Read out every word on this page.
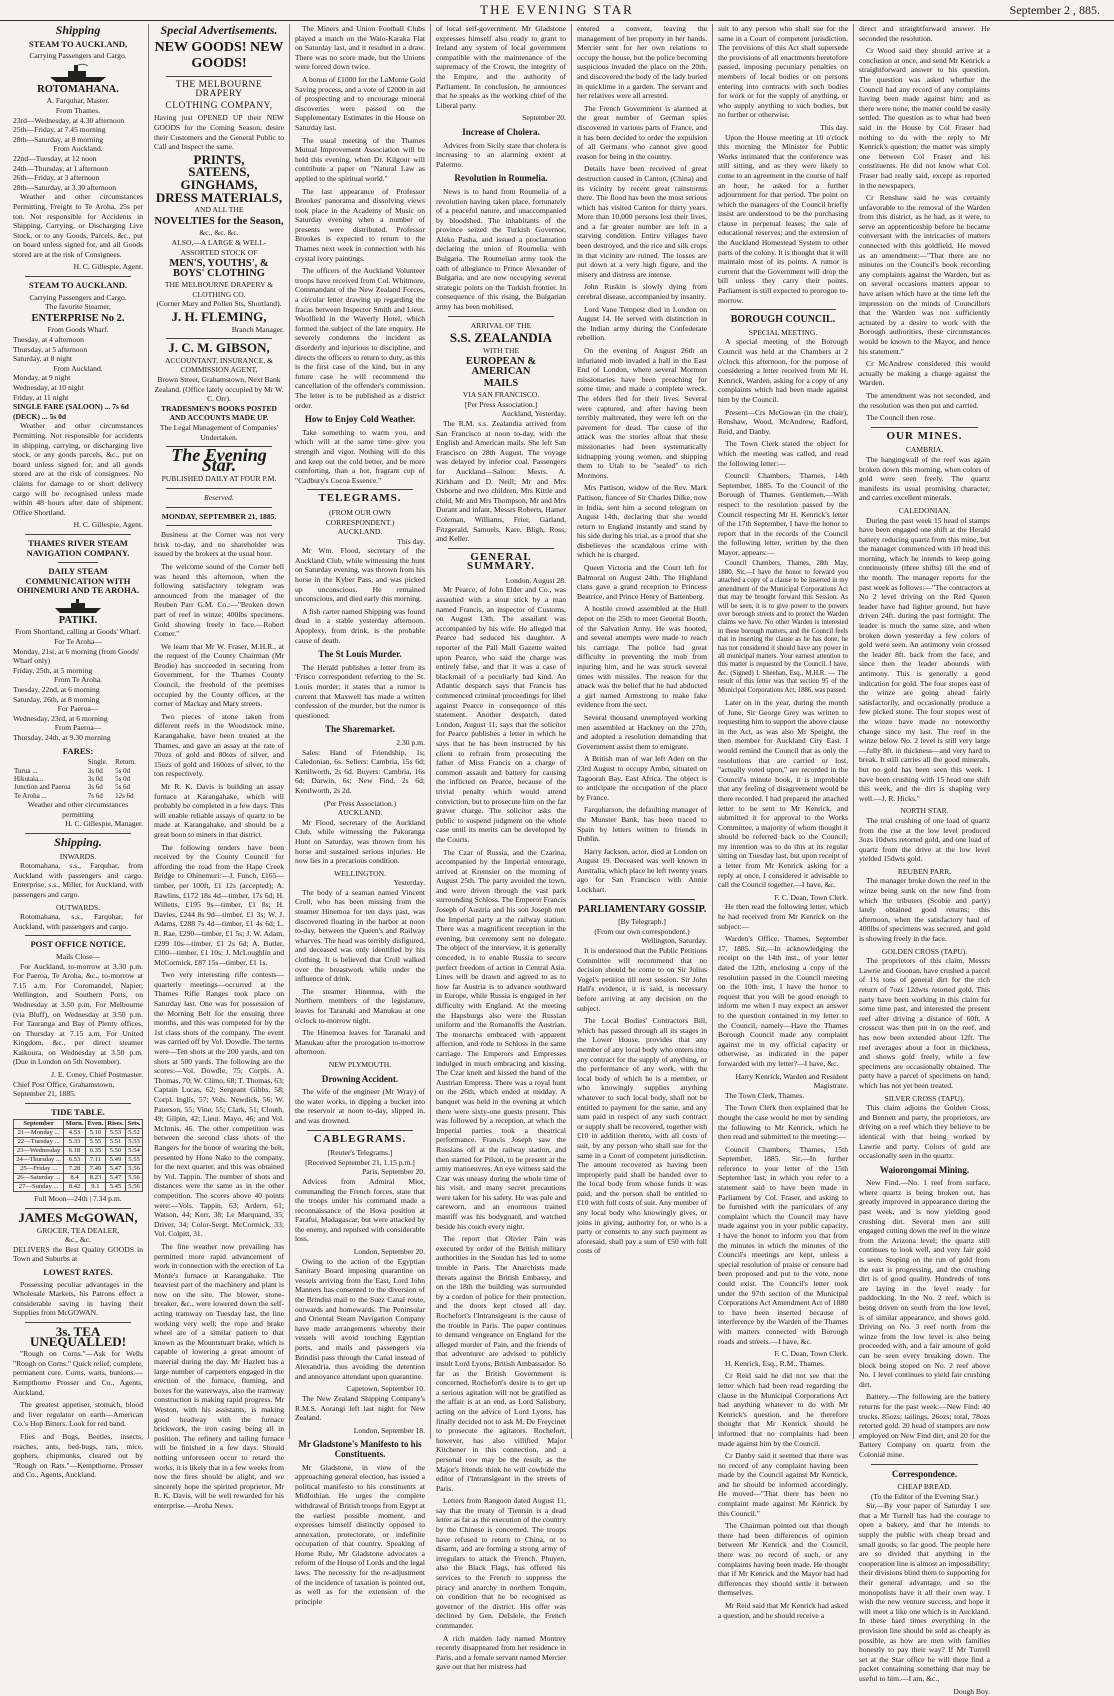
THE EVENING STAR	September 2 , 885.
Shipping
STEAM TO AUCKLAND,
Carrying Passengers and Cargo.
ROTOMAHANA.
A. Farquhar, Master.
From Thames.
23rd—Wednesday, at 4.30 afternoon
25th—Friday, at 7.45 morning
28th—Saturday, at 8 morning
From Auckland.
22nd—Tuesday, at 12 noon
24th—Thursday, at 1 afternoon
26th—Friday, at 3 afternoon
28th—Saturday, at 3.30 afternoon

Weather and other circumstances Permitting. Freight to Te Aroha, 25s per ton. Not responsible for Accidents in Shipping, Carrying, or Discharging Live Stock, or to any Goods, Parcels, &c., put on board unless signed for, and all Goods stored are at the risk of Consignees.

H. C. Gillespie, Agent.
STEAM TO AUCKLAND.
Carrying Passengers and Cargo.
The favorite Steamer,
ENTERPRISE No 2.
From Goods Wharf.
Tuesday, at 4 afternoon
Thursday, at 5 afternoon
Saturday, at 8 night
From Auckland.
Monday, at 9 night
Wednesday, at 10 night
Friday, at 11 night
SINGLE FARE (SALOON) ... 7s 6d
(DECK) ... 5s 0d

Weather and other circumstances Permitting. Not responsible for accidents in shipping, carrying, or discharging live stock, or any goods parcels, &c., put on board unless signed for, and all goods stored are at the risk of consignees. No claims for damage to or short delivery cargo will be recognised unless made within 48 hours after date of shipment. Office Shortland.

H. C. Gillespie, Agent.
THAMES RIVER STEAM NAVIGATION COMPANY.
DAILY STEAM COMMUNICATION WITH OHINEMURI AND TE AROHA.
PATIKI.
From Shortland, calling at Goods' Wharf.
For Te Aroha—
Monday, 21st, at 6 morning (from Goods' Wharf only)
Friday, 25th, at 5 morning
From Te Aroha.
Tuesday, 22nd, at 6 morning
Saturday, 26th, at 8 morning
For Paeroa—
Wednesday, 23rd, at 6 morning
From Paeroa—
Thursday, 24th, at 9.30 morning
FARES:
	Single.	Return.
Turua ...	3s 0d	5s 0d
Hikutaia...	3s 0d	5s 0d
Junction and Paeroa	3s 6d	5s 6d
Te Aroha ...	7s 6d	12s 6d
Weather and other circumstances permitting
H. C. Gillespie, Manager.
Shipping.
INWARDS.

Rotomahana, s.s., Farquhar, from Auckland with passengers and cargo. Enterprise, s.s., Miller, for Auckland, with passengers and cargo.

OUTWARDS.

Rotomahana, s.s., Farquhar, for Auckland, with passengers and cargo.

POST OFFICE NOTICE.
Mails Close—

For Auckland, to-morrow at 3.30 p.m. For Paeroa, Te Aroha, &c., to-morrow at 7.15 a.m. For Coromandel, Napier, Wellington, and Southern Ports, on Wednesday at 3.50 p.m. For Melbourne (via Bluff), on Wednesday at 3.50 p.m. For Tauranga and Bay of Plenty offices, on Thursday at 7.15 a.m. For United Kingdom, &c., per direct steamer Kaikoura, on Wednesday at 3.50 p.m. (Due in London on 5th November).

J. E. Coney, Chief Postmaster.
Chief Post Office, Grahamstown, September 21, 1885.
TIDE TABLE.
September	Morn.	Even.	Rises.	Sets.
21—Monday ...	4.53	5.10	5.53	5.52
22—Tuesday ...	5.33	5.55	5.51	5.53
23—Wednesday	6.18	6.35	5.50	5.54
24—Thursday ...	6.53	7.11	5.49	5.55
25—Friday ...	7.28	7.49	5.47	5.56
26—Saturday ...	8.4	8.23	5.47	5.56
27—Sunday ...	8.42	9.1	5.45	5.56
Full Moon—24th | 7.34 p.m.
JAMES McGOWAN,
GROCER, TEA DEALER,
&c., &c.

DELIVERS the Best Quality GOODS in Town and Suburbs at

LOWEST RATES.

Possessing peculiar advantages in the Wholesale Markets, his Patrons effect a considerable saving in having their Supplies from McGOWAN.

3s. TEA UNEQUALLED!

"Rough on Corns."—Ask for Wells "Rough on Corns." Quick relief, complete, permanent cure. Corns, warts, bunions.—Kempthorne Prosser and Co., Agents, Auckland.

The greatest appetiser, stomach, blood and liver regulator on earth—American Co.'s Hop Bitters. Look for red band.

Flies and Bugs, Beetles, insects, roaches, ants, bed-bugs, rats, mice, gophers, chipmunks, cleared out by "Rough on Rats."—Kempthorne, Prosser and Co., Agents, Auckland.

Special Advertisements.
NEW GOODS! NEW GOODS!
THE MELBOURNE DRAPERY
CLOTHING COMPANY,

Having just OPENED UP their NEW GOODS for the Coming Season, desire their Customers and the General Public to Call and Inspect the same.

PRINTS,
SATEENS,
GINGHAMS,
DRESS MATERIALS,
AND ALL THE
NOVELTIES for the Season,
&c., &c. &c.
ALSO,—A LARGE & WELL-ASSORTED STOCK OF
MEN'S, YOUTHS', & BOYS' CLOTHING
THE MELBOURNE DRAPERY & CLOTHING CO.
(Corner Mary and Pollen Sts, Shortland).
J. H. FLEMING,
Branch Manager.
J. C. M. GIBSON,
ACCOUNTANT, INSURANCE, & COMMISSION AGENT,
Brown Street, Grahamstown, Next Bank Zealand. (Office lately occupied by Mr W. C. Orr).
TRADESMEN'S BOOKS POSTED AND ACCOUNTS MADE UP.
The Legal Management of Companies' Undertaken.
The Evening Star.
PUBLISHED DAILY AT FOUR P.M.
Reserved.
MONDAY, SEPTEMBER 21, 1885.

Business at the Corner was not very brisk to-day, and no shareholder was issued by the brokers at the usual hour.

The welcome sound of the Corner bell was heard this afternoon, when the following satisfactory telegram was announced from the manager of the Reuben Parr G.M. Co.:—"Broken down part of reef in winze; 400lbs specimens. Gold showing freely in face.—Robert Comer."

We learn that Mr W. Fraser, M.H.R., at the request of the County Chairman (Mr Brodie) has succeeded in securing from Government, for the Thames County Council, the freehold of the premises occupied by the County offices, at the corner of Mackay and Mary streets.

Two pieces of stone taken from different reefs in the Woodstock mine, Karangahake, have been treated at the Thames, and gave an assay at the rate of 70ozs of gold and 80ozs of silver, and 15ozs of gold and 160ozs of silver, to the ton respectively.

Mr R. K. Davis is building an assay furnace at Karangahake, which will probably be completed in a few days. This will enable reliable assays of quartz to be made at Karangahake, and should be a great boon to miners in that district.

The following tenders have been received by the County Council for affording the road from the Hape Creek Bridge to Ohinemuri:—J. Funch, £165—timber, per 100ft, £1 12s (accepted); A. Rawlins, £172 18s 4d—timber, 17s 6d; H. Willetts, £195 9s—timber, £1 8s; H. Davies, £244 8s 9d—timber, £1 3s; W. J. Adams, £288 7s 4d—timber, £1 4s 6d; L. R. Rae, £290—timber, £1 5s; J. W. Adam, £299 10s—timber, £1 2s 6d; A. Butler, £300—timber, £1 10s; J. McLoughlin and McCormick, £87 15s—timber, £1 1s.

Two very interesting rifle contests—quarterly meetings—occurred at the Thames Rifle Ranges took place on Saturday last. One was for possession of the Morning Belt for the ensuing three months, and this was competed for by the 1st class shots of the company. The event was carried off by Vol. Dowdle. The terms were—Ten shots at the 200 yards, and ten shots at 500 yards. The following are the scores:—Vol. Dowdle, 75; Corpls. A. Thomas, 70; W. Climo, 68; T. Thomas, 63; Captain Lucas, 62; Sergeant Gibbs, 58; Corpl. Inglis, 57; Vols. Newdick, 56; W. Paterson, 55; Vine, 55; Clark, 51; Clouth, 49; Gilpin, 42; Lieut. Mayo, 46; and Vol. McInnis, 46. The other competition was between the second class shots of the Rangers for the honor of wearing the belt, presented by Hone Nako to the company, for the next quarter, and this was obtained by Vol. Tappin. The number of shots and distances were the same as in the other competition. The scores above 40 points were:—Vols. Tappin, 63; Ardern, 61; Watson, 44; Kerr, 38; Le Marquand, 35; Driver, 34; Color-Sergt. McCormick, 33; Vol. Colpitt, 31.

The fine weather now prevailing has permitted more rapid advancement of work in connection with the erection of La Monte's furnace at Karangahake. The heaviest part of the machinery and plant is now on the site. The blower, stone-breaker, &c., were lowered down the self-acting tramway on Tuesday last, the line working very well; the rope and brake wheel are of a similar pattern to that known as the Mountstuart brake, which is capable of lowering a great amount of material during the day. Mr Hazlett has a large number of carpenters engaged in the erection of the furnace, fluming, and boxes for the waterways, also the tramway construction is making rapid progress. Mr Weston, with his assistants, is making good headway with the furnace brickwork, the iron casing being all in position. The refinery and tailing furnace will be finished in a few days. Should nothing unforeseen occur to retard the works, it is likely that in a few weeks from now the fires should be alight, and we sincerely hope the spirited proprietor, Mr R. K. Davis, will be well rewarded for his enterprise.—Aroha News.

The Miners and Union Football Clubs played a match on the Waio-Karaka Flat on Saturday last, and it resulted in a draw. There was no score made, but the Unions were forced down twice.

A bonus of £1000 for the LaMonte Gold Saving process, and a vote of £2000 in aid of prospecting and to encourage mineral discoveries were passed on the Supplementary Estimates in the House on Saturday last.

The usual meeting of the Thames Mutual Improvement Association will be held this evening, when Dr. Kilgour will contribute a paper on "Natural Law as applied to the spiritual world."

The last appearance of Professor Brookes' panorama and dissolving views took place in the Academy of Music on Saturday evening when a number of presents were distributed. Professor Brookes is expected to return to the Thames next week in connection with his crystal ivory paintings.

The officers of the Auckland Volunteer troops have received from Col. Whitmore, Commandant of the New Zealand Forces, a circular letter drawing up regarding the fracas between Inspector Smith and Lieut. Woolfield in the Waverly Hotel, which formed the subject of the late enquiry. He severely condemns the incident as disorderly and injurious to discipline, and directs the officers to return to duty, as this is the first case of the kind, but in any future case he will recommend the cancellation of the offender's commission. The letter is to be published as a district order.

How to Enjoy Cold Weather.

Take something to warm you, and which will at the same time give you strength and vigor. Nothing will do this and keep out the cold better, and be more comforting, than a hot, fragrant cup of "Cadbury's Cocoa Essence."

TELEGRAMS.
(FROM OUR OWN CORRESPONDENT.)
AUCKLAND.
This day.

Mr Wm. Flood, secretary of the Auckland Club, while witnessing the hunt on Saturday evening, was thrown from his horse in the Kyber Pass, and was picked up unconscious. He remained unconscious, and died early this morning.

A fish carter named Shipping was found dead in a stable yesterday afternoon. Apoplexy, from drink, is the probable cause of death.

The St Louis Murder.

The Herald publishes a letter from its 'Frisco correspondent referring to the St. Louis murder; it states that a rumor is current that Maxwell has made a written confession of the murder, but the rumor is questioned.

The Sharemarket.
2.30 p.m.

Sales: Hand of Friendship, 1s; Caledonian, 6s. Sellers: Cambria, 15s 6d; Kenilworth, 2s 6d. Buyers: Cambria, 16s 6d; Darwin, 6s; New Find, 2s 6d; Kenilworth, 2s 2d.

(Per Press Association.)
AUCKLAND.

Mr Flood, secretary of the Auckland Club, while witnessing the Pakuranga Hunt on Saturday, was thrown from his horse and sustained serious injuries. He now lies in a precarious condition.

WELLINGTON.
Yesterday.

The body of a seaman named Vincent Croll, who has been missing from the steamer Hinemoa for ten days past, was discovered floating in the harbor at noon to-day, between the Queen's and Railway wharves. The head was terribly disfigured, and deceased was only identified by his clothing. It is believed that Croll walked over the breastwork while under the influence of drink.

The steamer Hinemoa, with the Northern members of the legislature, leaves for Taranaki and Manukau at one o'clock to-morrow night.

The Hinemoa leaves for Taranaki and Manukau after the prorogation to-morrow afternoon.

NEW PLYMOUTH.
Drowning Accident.

The wife of the engineer (Mr Wray) of the water works, in dipping a bucket into the reservoir at noon to-day, slipped in, and was drowned.

CABLEGRAMS.
[Reuter's Telegrams.]
[Received September 21, 1.15 p.m.]
Paris, September 20.

Advices from Admiral Miot, commanding the French forces, state that the troops under his command made a reconnaissance of the Hova position at Farafui, Madagascar, but were attacked by the enemy, and repulsed with considerable loss.

London, September 20.

Owing to the action of the Egyptian Sanitary Board imposing quarantine on vessels arriving from the East, Lord John Manners has consented to the diversion of the Brindisi mail to the Suez Canal route, outwards and homewards. The Peninsular and Oriental Steam Navigation Company have made arrangements whereby their vessels will avoid touching Egyptian ports, and mails and passengers via Brindisi pass through the Canal instead of Alexandria, thus avoiding the detention and annoyance attendant upon quarantine.

Capetown, September 10.

The New Zealand Shipping Company's R.M.S. Aorangi left last night for New Zealand.

London, September 18.
Mr Gladstone's Manifesto to his Constituents.

Mr Gladstone, in view of the approaching general election, has issued a political manifesto to his constituents at Midlothian. He urges the complete withdrawal of British troops from Egypt at the earliest possible moment, and expresses himself distinctly opposed to annexation, protectorate, or indefinite occupation of that country. Speaking of Home Rule, Mr Gladstone advocates a reform of the House of Lords and the legal laws. The necessity for the re-adjustment of the incidence of taxation is pointed out, as well as for the extension of the principle

of local self-government. Mr Gladstone expresses himself also ready to grant to Ireland any system of local government compatible with the maintenance of the supremacy of the Crown, the integrity of the Empire, and the authority of Parliament. In conclusion, he announces that he speaks as the working chief of the Liberal party.

September 20.
Increase of Cholera.

Advices from Sicily state that cholera is increasing to an alarming extent at Palermo.

Revolution in Roumelia.

News is to hand from Roumelia of a revolution having taken place, fortunately of a peaceful nature, and unaccompanied by bloodshed. The inhabitants of the province seized the Turkish Governor, Aleko Pasha, and issued a proclamation declaring the union of Roumelia with Bulgaria. The Roumelian army took the oath of allegiance to Prince Alexander of Bulgaria, and are now occupying several strategic points on the Turkish frontier. In consequence of this rising, the Bulgarian army has been mobilised.

ARRIVAL OF THE
S.S. ZEALANDIA
WITH THE
EUROPEAN & AMERICAN
MAILS
VIA SAN FRANCISCO.
[Per Press Association.]
Auckland, Yesterday.

The R.M. s.s. Zealandia arrived from San Francisco at noon to-day, with the English and American mails. She left San Francisco on 28th August. The voyage was delayed by inferior coal. Passengers for Auckland—Saloon: Mesrs. A. Kirkham and D. Neill; Mr and Mrs Osborne and two children, Mrs Kittle and child, Mr and Mrs Thompson, Mr and Mrs Durant and infant, Messrs Roberts, Hamer Coleman, Williams, Frier, Garland, Fitzgerald, Samuels, Kare, Bligh, Ross, and Keller.

GENERAL SUMMARY.
London, August 28.

Mr Pearce, of John Elder and Co., was assaulted with a stout stick by a man named Francis, an inspector of Customs, on August 13th. The assailant was accompanied by his wife. He alleged that Pearce had seduced his daughter. A reporter of the Pall Mall Gazette waited upon Pearce, who said the charge was entirely false, and that it was a case of blackmail of a peculiarly bad kind. An Atlantic despatch says that Francis has commenced criminal proceedings for libel against Pearce in consequence of this statement. Another despatch, dated London, August 11, says that the solicitor for Pearce publishes a letter in which he says that he has been instructed by his client to refrain from prosecuting the father of Miss Francis on a charge of common assault and battery for causing the inflicted on Pearce, because of the trivial penalty which would attend conviction, but to prosecute him on the far graver charge. The solicitor asks the public to suspend judgment on the whole case until its merits can be developed by the Courts.

The Czar of Russia, and the Czarina, accompanied by the Imperial entourage, arrived at Kremsier on the morning of August 25th. The party avoided the town, and were driven through the vast park surrounding Schloss. The Emperor Francis Joseph of Austria and his son Joseph met the Imperial party at the railway station. There was a magnificent reception in the evening, but ceremony sent no delegate. The object of the interview, it is generally conceded, is to enable Russia to secure perfect freedom of action in Central Asia. Lines will be drawn and agreed to as to how far Austria is to advance southward in Europe, while Russia is engaged in her difficulty with England. At the meeting the Hapsburgs also were the Russian uniform and the Romanoffs the Austrian. The monarchs embraced with apparent affection, and rode to Schloss in the same carriage. The Emperors and Empresses indulged in much embracing and kissing. The Czar knelt and kissed the hand of the Austrian Empress. There was a royal hunt on the 26th, which ended at midday. A banquet was held in the evening at which there were sixty-one guests present. This was followed by a reception, at which the Imperial parties took a theatrical performance. Francis Joseph saw the Russians off at the railway station, and then started for Pilson, to be present at the army manoeuvres. An eye witness said the Czar was uneasy during the whole time of his visit, and many secret precautions were taken for his safety. He was pale and careworn, and an enormous trained mastiff was his bodyguard, and watched beside his couch every night.

The report that Olivier Pain was executed by order of the British military authorities in the Soudan has led to some trouble in Paris. The Anarchists made threats against the British Embassy, and on the 18th the building was surrounded by a cordon of police for their protection, and the doors kept closed all day. Rochefort's l'Intransigeant is the cause of the trouble in Paris. The paper continues to demand vengeance on England for the alleged murder of Pain, and the friends of that adventurer are advised to publicly insult Lord Lyons, British Ambassador. So far as the British Government is concerned, Rochefort's desire is to get up a serious agitation will not be gratified as the affair is at an end, as Lord Salisbury, acting on the advice of Lord Lyons, has finally decided not to ask M. De Freycinet to prosecute the agitators. Rochefort, however, has also villified Major Kitchener in this connection, and a personal row may be the result, as the Major's friends think he will cowhide the editor of l'Intransigeant in the streets of Paris.

Letters from Rangoon dated August 11, say that the treaty of Tientsin is a dead letter as far as the execution of the country by the Chinese is concerned. The troops have refused to return to China, or to disarm, and are forming a strong army of irregulars to attack the French. Phuyen, also the Black Flags, has offered his services to the French to suppress the piracy and anarchy in northern Tonquin, on condition that he be recognised as governor of the district. His offer was declined by Gen. DeIslele, the French commander.

A rich maiden lady named Montrey recently disappeared from her residence in Paris, and a female servant named Mercier gave out that her mistress had

entered a convent, leaving the management of her property in her hands. Mercier sent for her own relations to occupy the house, but the police becoming suspicious invaded the place on the 20th, and discovered the body of the lady buried in quicklime in a garden. The servant and her relatives were all arrested.

The French Government is alarmed at the great number of German spies discovered in various parts of France, and it has been decided to order the expulsion of all Germans who cannot give good reason for being in the country.

Details have been received of great destruction caused in Canton, (China) and its vicinity by recent great rainstorms there. The flood has been the most serious which has visited Canton for thirty years. More than 10,000 persons lost their lives, and a far greater number are left in a starving condition. Entire villages have been destroyed, and the rice and silk crops in that vicinity are ruined. The losses are put down at a very high figure, and the misery and distress are intense.

John Ruskin is slowly dying from cerebral disease, accompanied by insanity.

Lord Vane Tempest died in London on August 14. He served with distinction in the Indian army during the Confederate rebellion.

On the evening of August 26th an infuriated mob invaded a hall in the East End of London, where several Mormon missionaries have been preaching for some time, and made a complete wreck. The elders fled for their lives. Several were captured, and after having been terribly maltreated, they were left on the pavement for dead. The cause of the attack was the stories afloat that these missionaries had been systematically kidnapping young women, and shipping them to Utah to be "sealed" to rich Mormons.

Mrs Pattison, widow of the Rev. Mark Pattison, fiancee of Sir Charles Dilke, now in India, sent him a second telegram on August 14th, declaring that she would return to England instantly and stand by his side during his trial, as a proof that she disbelieves the scandalous crime with which he is charged.

Queen Victoria and the Court left for Balmoral on August 24th. The Highland clans gave a grand reception to Princess Beatrice, and Prince Henry of Battenberg.

A hostile crowd assembled at the Hull depot on the 25th to meet General Booth, of the Salvation Army. He was hooted, and several attempts were made to reach his carriage. The police had great difficulty in preventing the mob from injuring him, and he was struck several times with missiles. The reason for the attack was the belief that he had abducted a girl named Armstrong to make fake evidence from the sect.

Several thousand unemployed working men assembled at Hackney on the 27th, and adopted a resolution demanding that Government assist them to emigrate.

A British man of war left Aden on the 23rd August to occupy Ambo, situated on Tagoorah Bay, East Africa. The object is to anticipate the occupation of the place by France.

Farquharson, the defaulting manager of the Munster Bank, has been traced to Spain by letters written to friends in Dublin.

Harry Jackson, actor, died at London on August 19. Deceased was well known in Australia, which place he left twenty years ago for San Francisco with Annie Lockhart.

PARLIAMENTARY GOSSIP.
[By Telegraph.]
(From our own correspondent.)
Wellington, Saturday.

It is understood that the Public Petitions Committee will recommend that no decision should be come to on Sir Julius Vogel's petition till next session. Sir John Hall's evidence, it is said, is necessary before arriving at any decision on the subject.

The Local Bodies' Contractors Bill, which has passed through all its stages in the Lower House, provides that any member of any local body who enters into any contract for the supply of anything, or the performance of any work, with the local body of which he is a member, or who knowingly supplies anything whatever to such local body, shall not be entitled to payment for the same, and any sum paid in respect of any such contract or supply shall be recovered, together with £10 in addition thereto, with all costs of suit, by any person who shall sue for the same in a Court of competent jurisdiction. The amount recovered as having been improperly paid shall be handed over to the local body from whose funds it was paid, and the person shall be entitled to £10 with full costs of suit. Any member of any local body who knowingly gives, or joins in giving, authority for, or who is a party or consents to any such payment as aforesaid, shall pay a sum of £50 with full costs of

suit to any person who shall sue for the same in a Court of competent jurisdiction. The provisions of this Act shall supersede the provisions of all enactments heretofore passed, imposing pecuniary penalties on members of local bodies or on persons entering into contracts with such bodies for work or for the supply of anything, or who supply anything to such bodies, but no further or otherwise.

This day.

Upon the House meeting at 10 o'clock this morning the Minister for Public Works intimated that the conference was still sitting, and as they were likely to come to an agreement in the course of half an hour, he asked for a further adjournment for that period. The point on which the managers of the Council briefly insist are understood to be the purchasing clause in perpetual leases; the sale of educational reserves; and the extension of the Auckland Homestead System to other parts of the colony. It is thought that it will maintain most of its points. A rumor is current that the Government will drop the bill unless they carry their points. Parliament is still expected to prorogue to-morrow.

BOROUGH COUNCIL.
SPECIAL MEETING.

A special meeting of the Borough Council was held at the Chambers at 2 o'clock this afternoon, for the purpose of considering a letter received from Mr H. Kenrick, Warden, asking for a copy of any complaints which had been made against him by the Council.

Present—Crs McGowan (in the chair), Renshaw, Wood, McAndrew, Radford, Reid, and Danby.

The Town Clerk stated the object for which the meeting was called, and read the following letter:—

Council Chambers, Thames, 14th September, 1885. To the Council of the Borough of Thames. Gentlemen,—With respect to the resolution passed by the Council respecting Mr H. Kenrick's letter of the 17th September, I have the honor to report that in the records of the Council the following letter, written by the then Mayor, appears:—

Council Chambers, Thames, 28th May, 1880. Sir,—I have the honor to forward you attached a copy of a clause to be inserted in my amendment of the Municipal Corporations Act that may be brought forward this Session. As will be seen, it is to give power to the powers over borough streets and to protect the Warden claims we have. No other Warden is interested in these borough matters, and the Council feels that in inserting the clause as he has done, he has not considered it should have any power in all municipal matters. Your earnest attention to this matter is requested by the Council. I have, &c. (Signed) I. Sheehan, Esq., M.H.R. — The result of this letter was that section 95 of the Municipal Corporations Act, 1886, was passed.

Later on in the year, during the month of June, Sir George Grey was written to requesting him to support the above clause in the Act, as was also Mr Speight, the then member for Auckland City East. I would remind the Council that as only the resolutions that are carried or lost, "actually voted upon," are recorded in the Council's minute book, it is improbable that any feeling of disagreement would be there recorded. I had prepared the attached letter to be sent to Mr Kenrick, and submitted it for approval to the Works Committee, a majority of whom thought it should be referred back to the Council; my intention was to do this at its regular sitting on Tuesday last, but upon receipt of a letter from Mr Kenrick asking for a reply at once, I considered it advisable to call the Council together.—I have, &c.

F. C. Dean, Town Clerk.

He then read the following letter, which he had received from Mr Kenrick on the subject:—

Warden's Office, Thames, September 17, 1885. Sir,—In acknowledging the receipt on the 14th inst., of your letter dated the 12th, enclosing a copy of the resolution passed in the Council meeting on the 10th inst, I have the honor to request that you will be good enough to inform me when I may expect an answer to the question contained in my letter to the Council, namely—Have the Thames Borough Council made any complaint against me in my official capacity or otherwise, as indicated in the paper forwarded with my letter?—I have, &c.

Harry Kenrick, Warden and Resident Magistrate.

The Town Clerk, Thames.

The Town Clerk then explained that he thought the case would be met by sending the following to Mr Kenrick, which he then read and submitted to the meeting:—

Council Chambers, Thames, 15th September, 1885. Sir,—In further reference to your letter of the 15th September last, in which you refer to a statement said to have been made in Parliament by Col. Fraser, and asking to be furnished with the particulars of any complaint which the Council may have made against you in your public capacity, I have the honor to inform you that from the minutes in which the minutes of the Council's meetings are kept, unless a special resolution of praise or censure had been proposed and put to the vote, none could exist. The Council's letter took under the 97th section of the Municipal Corporations Act Amendment Act of 1880 to have been inserted because of interference by the Warden of the Thames with matters connected with Borough roads and streets.—I have, &c.

F. C. Dean, Town Clerk.

H. Kenrick, Esq., R.M., Thames.

Cr Reid said he did not see that the letter which had been read regarding the clause in the Municipal Corporations Act had anything whatever to do with Mr Kenrick's question, and he therefore thought that Mr Kenrick should be informed that no complaints had been made against him by the Council.

Cr Danby said it seemed that there was no record of any complaint having been made by the Council against Mr Kenrick, and he should be informed accordingly. He moved—"That there has been no complaint made against Mr Kenrick by this Council."

The Chairman pointed out that though there had been differences of opinion between Mr Kenrick and the Council, there was no record of such, or any complaints having been made. He thought that if Mr Kenrick and the Mayor had had differences they should settle it between themselves.

Mr Reid said that Mr Kenrick had asked a question, and he should receive a

direct and straightforward answer. He seconded the resolution.

Cr Wood said they should arrive at a conclusion at once, and send Mr Kenrick a straightforward answer to his question. The question was asked whether the Council had any record of any complaints having been made against him; and as there were none, the matter could be easily settled. The question as to what had been said in the House by Col Fraser had nothing to do with the reply to Mr Kenrick's question; the matter was simply one between Col Fraser and his constituents. He did not know what Col. Fraser had really said, except as reported in the newspapers.

Cr Renshaw said he was certainly unfavorable to the removal of the Warden from this district, as he had, as it were, to serve an apprenticeship before he became conversant with the intricacies of matters connected with this goldfield. He moved as an amendment:—"That there are no minutes on the Council's book recording any complaints against the Warden, but as on several occasions matters appear to have arisen which have at the time left the impression on the minds of Councillors that the Warden was not sufficiently actuated by a desire to work with the Borough authorities, these circumstances would be known to the Mayor, and hence his statement."

Cr McAndrew considered this would actually be making a charge against the Warden.

The amendment was not seconded, and the resolution was then put and carried.

The Council then rose.

OUR MINES.
CAMBRIA.

The hangingwall of the reef was again broken down this morning, when colors of gold were seen freely. The quartz manifests its usual promising character, and carries excellent minerals.

CALEDONIAN.

During the past week 15 head of stamps have been engaged one shift at the Herald battery reducing quartz from this mine, but the manager commenced with 10 head this morning, which he intends to keep going continuously (three shifts) till the end of the month. The manager reports for the past week as follows:—"The contractors at No 2 level driving on the Red Queen leader have had lighter ground, but have driven 24ft. during the past fortnight. The leader is much the same size, and when broken down yesterday a few colors of gold were seen. An antimony vein crossed the leader 8ft. back from the face, and since then the leader abounds with antimony. This is generally a good indication for gold. The four stopes east of the winze are going ahead fairly satisfactorily, and occasionally produce a few picked stone. The four stopes west of the winze have made no noteworthy change since my last. The reef in the winze below No. 2 level is still very large—fully 8ft. in thickness—and very hard to break. It still carries all the good minerals, but no gold has been seen this week. I have been crushing with 15 head one shift this week, and the dirt is shaping very well.—J. R. Hicks."

NORTH STAR.

The trial crushing of one load of quartz from the rise at the low level produced 3ozs 10dwts retorted gold, and one load of quartz from the drive at the low level yielded 15dwts gold.

REUBEN PARR.

The manager broke down the reef in the winze being sunk on the new find from which the tributers (Scobie and party) lately obtained good returns; this afternoon, when the satisfactory haul of 400lbs of specimens was secured, and gold is showing freely in the face.

GOLDEN CROSS (TAPU).

The proprietors of this claim, Messrs Lawrie and Goonan, have crushed a parcel of 1¼ tons of general dirt for the rich return of 7ozs 12dwts retorted gold. This party have been working in this claim for some time past, and interested the present reef after driving a distance of 60ft. A crosscut was then put in on the reef, and has now been extended about 12ft. The reef averages about a foot in thickness, and shows gold freely, while a few specimens are occasionally obtained. The party have a parcel of specimens on hand, which has not yet been treated.

SILVER CROSS (TAPU).

This claim adjoins the Golden Cross, and Bennett and party, the proprietors, are driving on a reef which they believe to be identical with that being worked by Lawrie and party. Colors of gold are occasionally seen in the quartz.

Waiorongomai Mining.

New Find.—No. 1 reef from surface, where quartz is being broken out, has greatly improved in appearance during the past week, and is now yielding good crushing dirt. Several men are still engaged cutting down the reef in the winze from the Arizona level; the quartz still continues to look well, and very fair gold is seen. Stoping on the run of gold from the east is progressing, and the crushing dirt is of good quality. Hundreds of tons are laying in the level ready for paddocking. In the No. 2 reef, which is being driven on south from the low level, is of similar appearance, and shows gold. Driving on No. 3 reef north from the winze from the low level is also being proceeded with, and a fair amount of gold can be seen every breaking down. The block being stoped on No. 2 reef above No. 1 level continues to yield fair crushing dirt.

Battery.—The following are the battery returns for the past week:—New Find: 40 trucks, 85ozs; tailings, 26ozs; total, 78ozs retorted gold. 20 head of stampers are now employed on New Find dirt, and 20 for the Battery Company on quartz from the Colonial mine.

Correspondence.
CHEAP BREAD.
(To the Editor of the Evening Star.)

Sir,—By your paper of Saturday I see that a Mr Turrell has had the courage to open a bakery, and that he intends to supply the public with cheap bread and small goods; so far good. The people here are so divided that anything in the cooperation line is almost an impossibility; their divisions blind them to supporting for their general advantage, and so the monopolists have it all their own way. I wish the new venture success, and hope it will meet a like one which is in Auckland. In these hard times everything in the provision line should be sold as cheaply as possible, as how are men with families honestly to pay their way? If Mr Turrell set at the Star office he will there find a packet containing something that may be useful to him.—I am, &c.,

Dough Boy.
